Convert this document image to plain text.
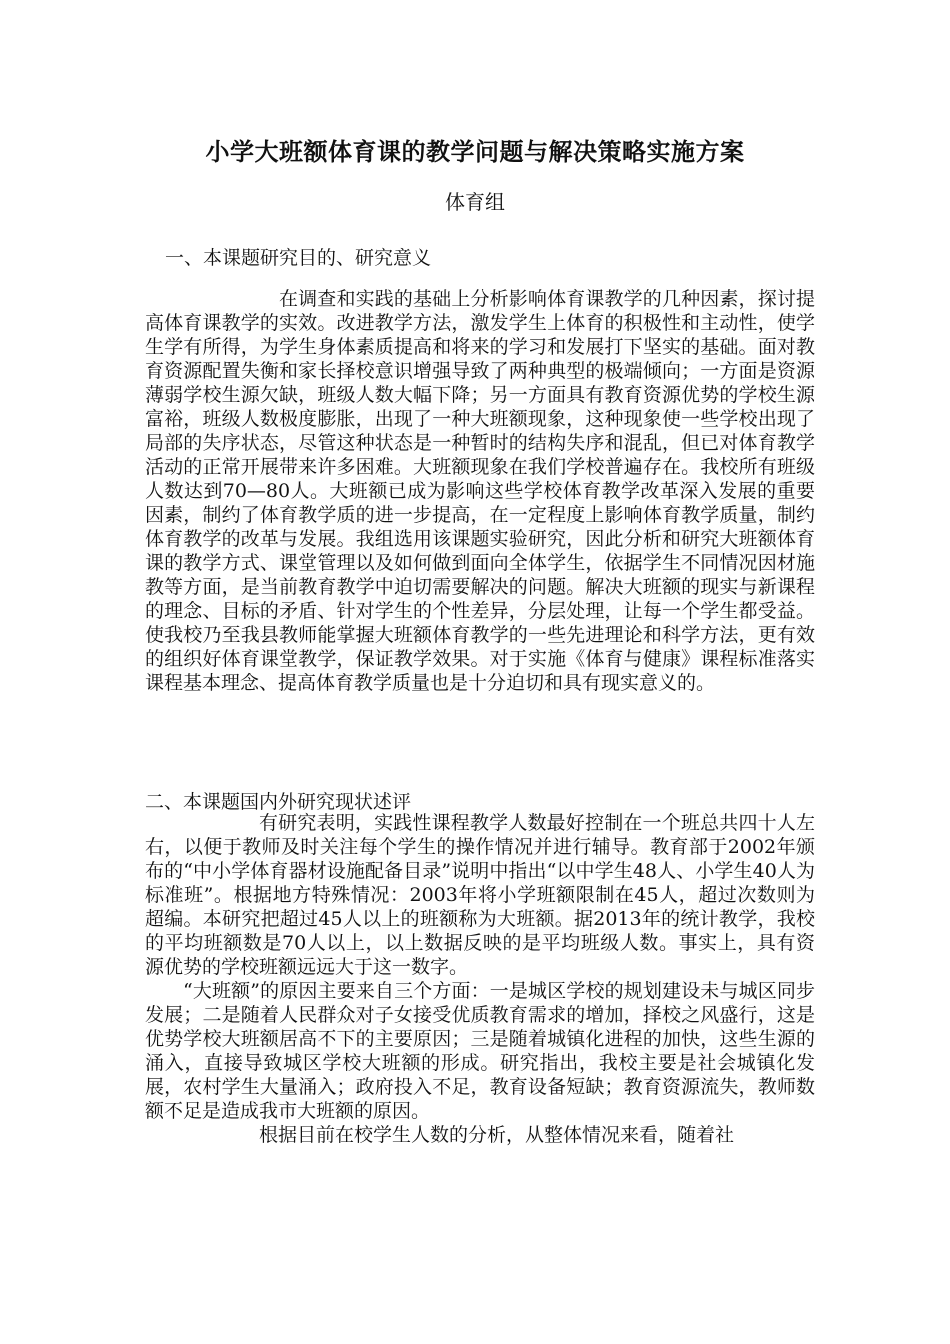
小学大班额体育课的教学问题与解决策略实施方案
体育组
一、本课题研究目的、研究意义

在调查和实践的基础上分析影响体育课教学的几种因素，探讨提高体育课教学的实效。改进教学方法，激发学生上体育的积极性和主动性，使学生学有所得，为学生身体素质提高和将来的学习和发展打下坚实的基础。面对教育资源配置失衡和家长择校意识增强导致了两种典型的极端倾向；一方面是资源薄弱学校生源欠缺，班级人数大幅下降；另一方面具有教育资源优势的学校生源富裕，班级人数极度膨胀，出现了一种大班额现象，这种现象使一些学校出现了局部的失序状态，尽管这种状态是一种暂时的结构失序和混乱，但已对体育教学活动的正常开展带来许多困难。大班额现象在我们学校普遍存在。我校所有班级人数达到70—80人。大班额已成为影响这些学校体育教学改革深入发展的重要因素，制约了体育教学质的进一步提高，在一定程度上影响体育教学质量，制约体育教学的改革与发展。我组选用该课题实验研究，因此分析和研究大班额体育课的教学方式、课堂管理以及如何做到面向全体学生，依据学生不同情况因材施教等方面，是当前教育教学中迫切需要解决的问题。解决大班额的现实与新课程的理念、目标的矛盾、针对学生的个性差异，分层处理，让每一个学生都受益。使我校乃至我县教师能掌握大班额体育教学的一些先进理论和科学方法，更有效的组织好体育课堂教学，保证教学效果。对于实施《体育与健康》课程标准落实课程基本理念、提高体育教学质量也是十分迫切和具有现实意义的。

二、本课题国内外研究现状述评

有研究表明，实践性课程教学人数最好控制在一个班总共四十人左右，以便于教师及时关注每个学生的操作情况并进行辅导。教育部于2002年颁布的“中小学体育器材设施配备目录”说明中指出“以中学生48人、小学生40人为标准班”。根据地方特殊情况：2003年将小学班额限制在45人，超过次数则为超编。本研究把超过45人以上的班额称为大班额。据2013年的统计教学，我校的平均班额数是70人以上，以上数据反映的是平均班级人数。事实上，具有资源优势的学校班额远远大于这一数字。

“大班额”的原因主要来自三个方面：一是城区学校的规划建设未与城区同步发展；二是随着人民群众对子女接受优质教育需求的增加，择校之风盛行，这是优势学校大班额居高不下的主要原因；三是随着城镇化进程的加快，这些生源的涌入，直接导致城区学校大班额的形成。研究指出，我校主要是社会城镇化发展，农村学生大量涌入；政府投入不足，教育设备短缺；教育资源流失，教师数额不足是造成我市大班额的原因。

根据目前在校学生人数的分析，从整体情况来看，随着社
